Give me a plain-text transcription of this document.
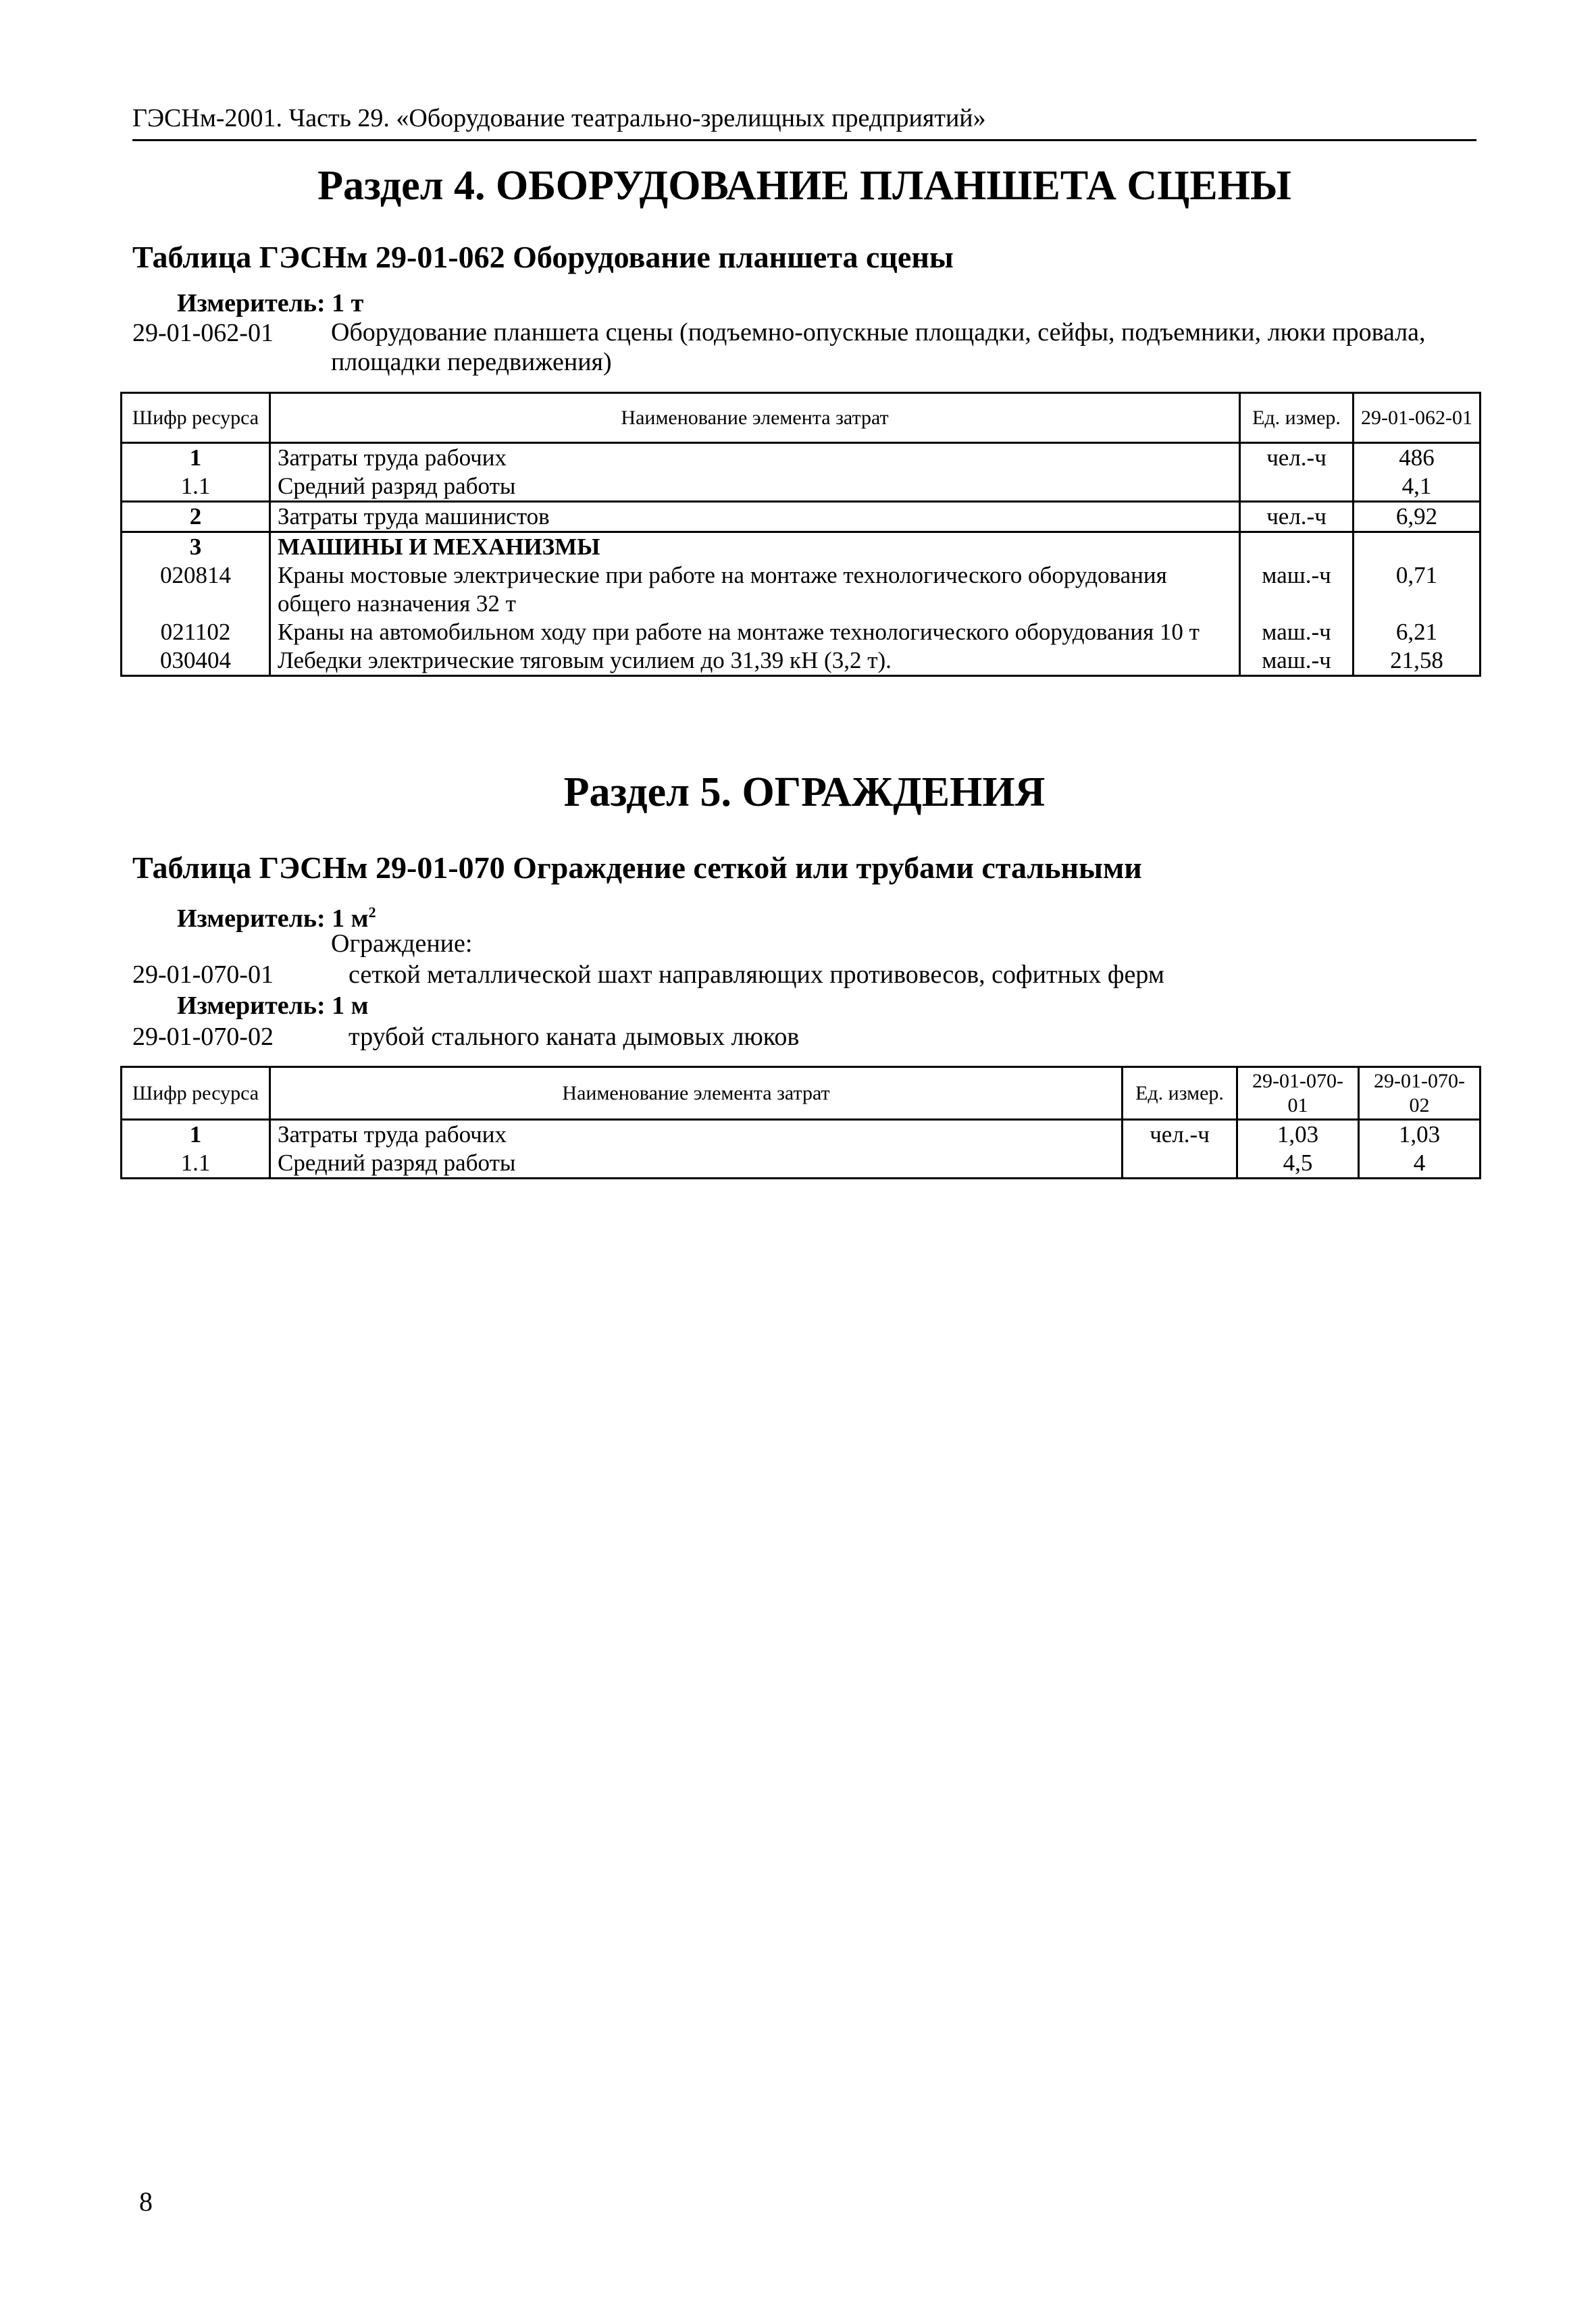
ГЭСНм-2001. Часть 29. «Оборудование театрально-зрелищных предприятий»
Раздел 4. ОБОРУДОВАНИЕ ПЛАНШЕТА СЦЕНЫ
Таблица ГЭСНм 29-01-062 Оборудование планшета сцены
Измеритель: 1 т
29-01-062-01 Оборудование планшета сцены (подъемно-опускные площадки, сейфы, подъемники, люки провала, площадки передвижения)
Шифр ресурса	Наименование элемента затрат	Ед. измер.	29-01-062-01
1	Затраты труда рабочих	чел.-ч	486
1.1	Средний разряд работы		4,1
2	Затраты труда машинистов	чел.-ч	6,92
3	МАШИНЫ И МЕХАНИЗМЫ		
020814	Краны мостовые электрические при работе на монтаже технологического оборудования общего назначения 32 т	маш.-ч	0,71
021102	Краны на автомобильном ходу при работе на монтаже технологического оборудования 10 т	маш.-ч	6,21
030404	Лебедки электрические тяговым усилием до 31,39 кН (3,2 т).	маш.-ч	21,58
Раздел 5. ОГРАЖДЕНИЯ
Таблица ГЭСНм 29-01-070 Ограждение сеткой или трубами стальными
Измеритель: 1 $м^2$
Ограждение:
29-01-070-01	сеткой металлической шахт направляющих противовесов, софитных ферм
Измеритель: 1 м
29-01-070-02	трубой стального каната дымовых люков
Шифр ресурса	Наименование элемента затрат	Ед. измер.	29-01-070-01	29-01-070-02
1	Затраты труда рабочих	чел.-ч	1,03	1,03
1.1	Средний разряд работы		4,5	4
8
